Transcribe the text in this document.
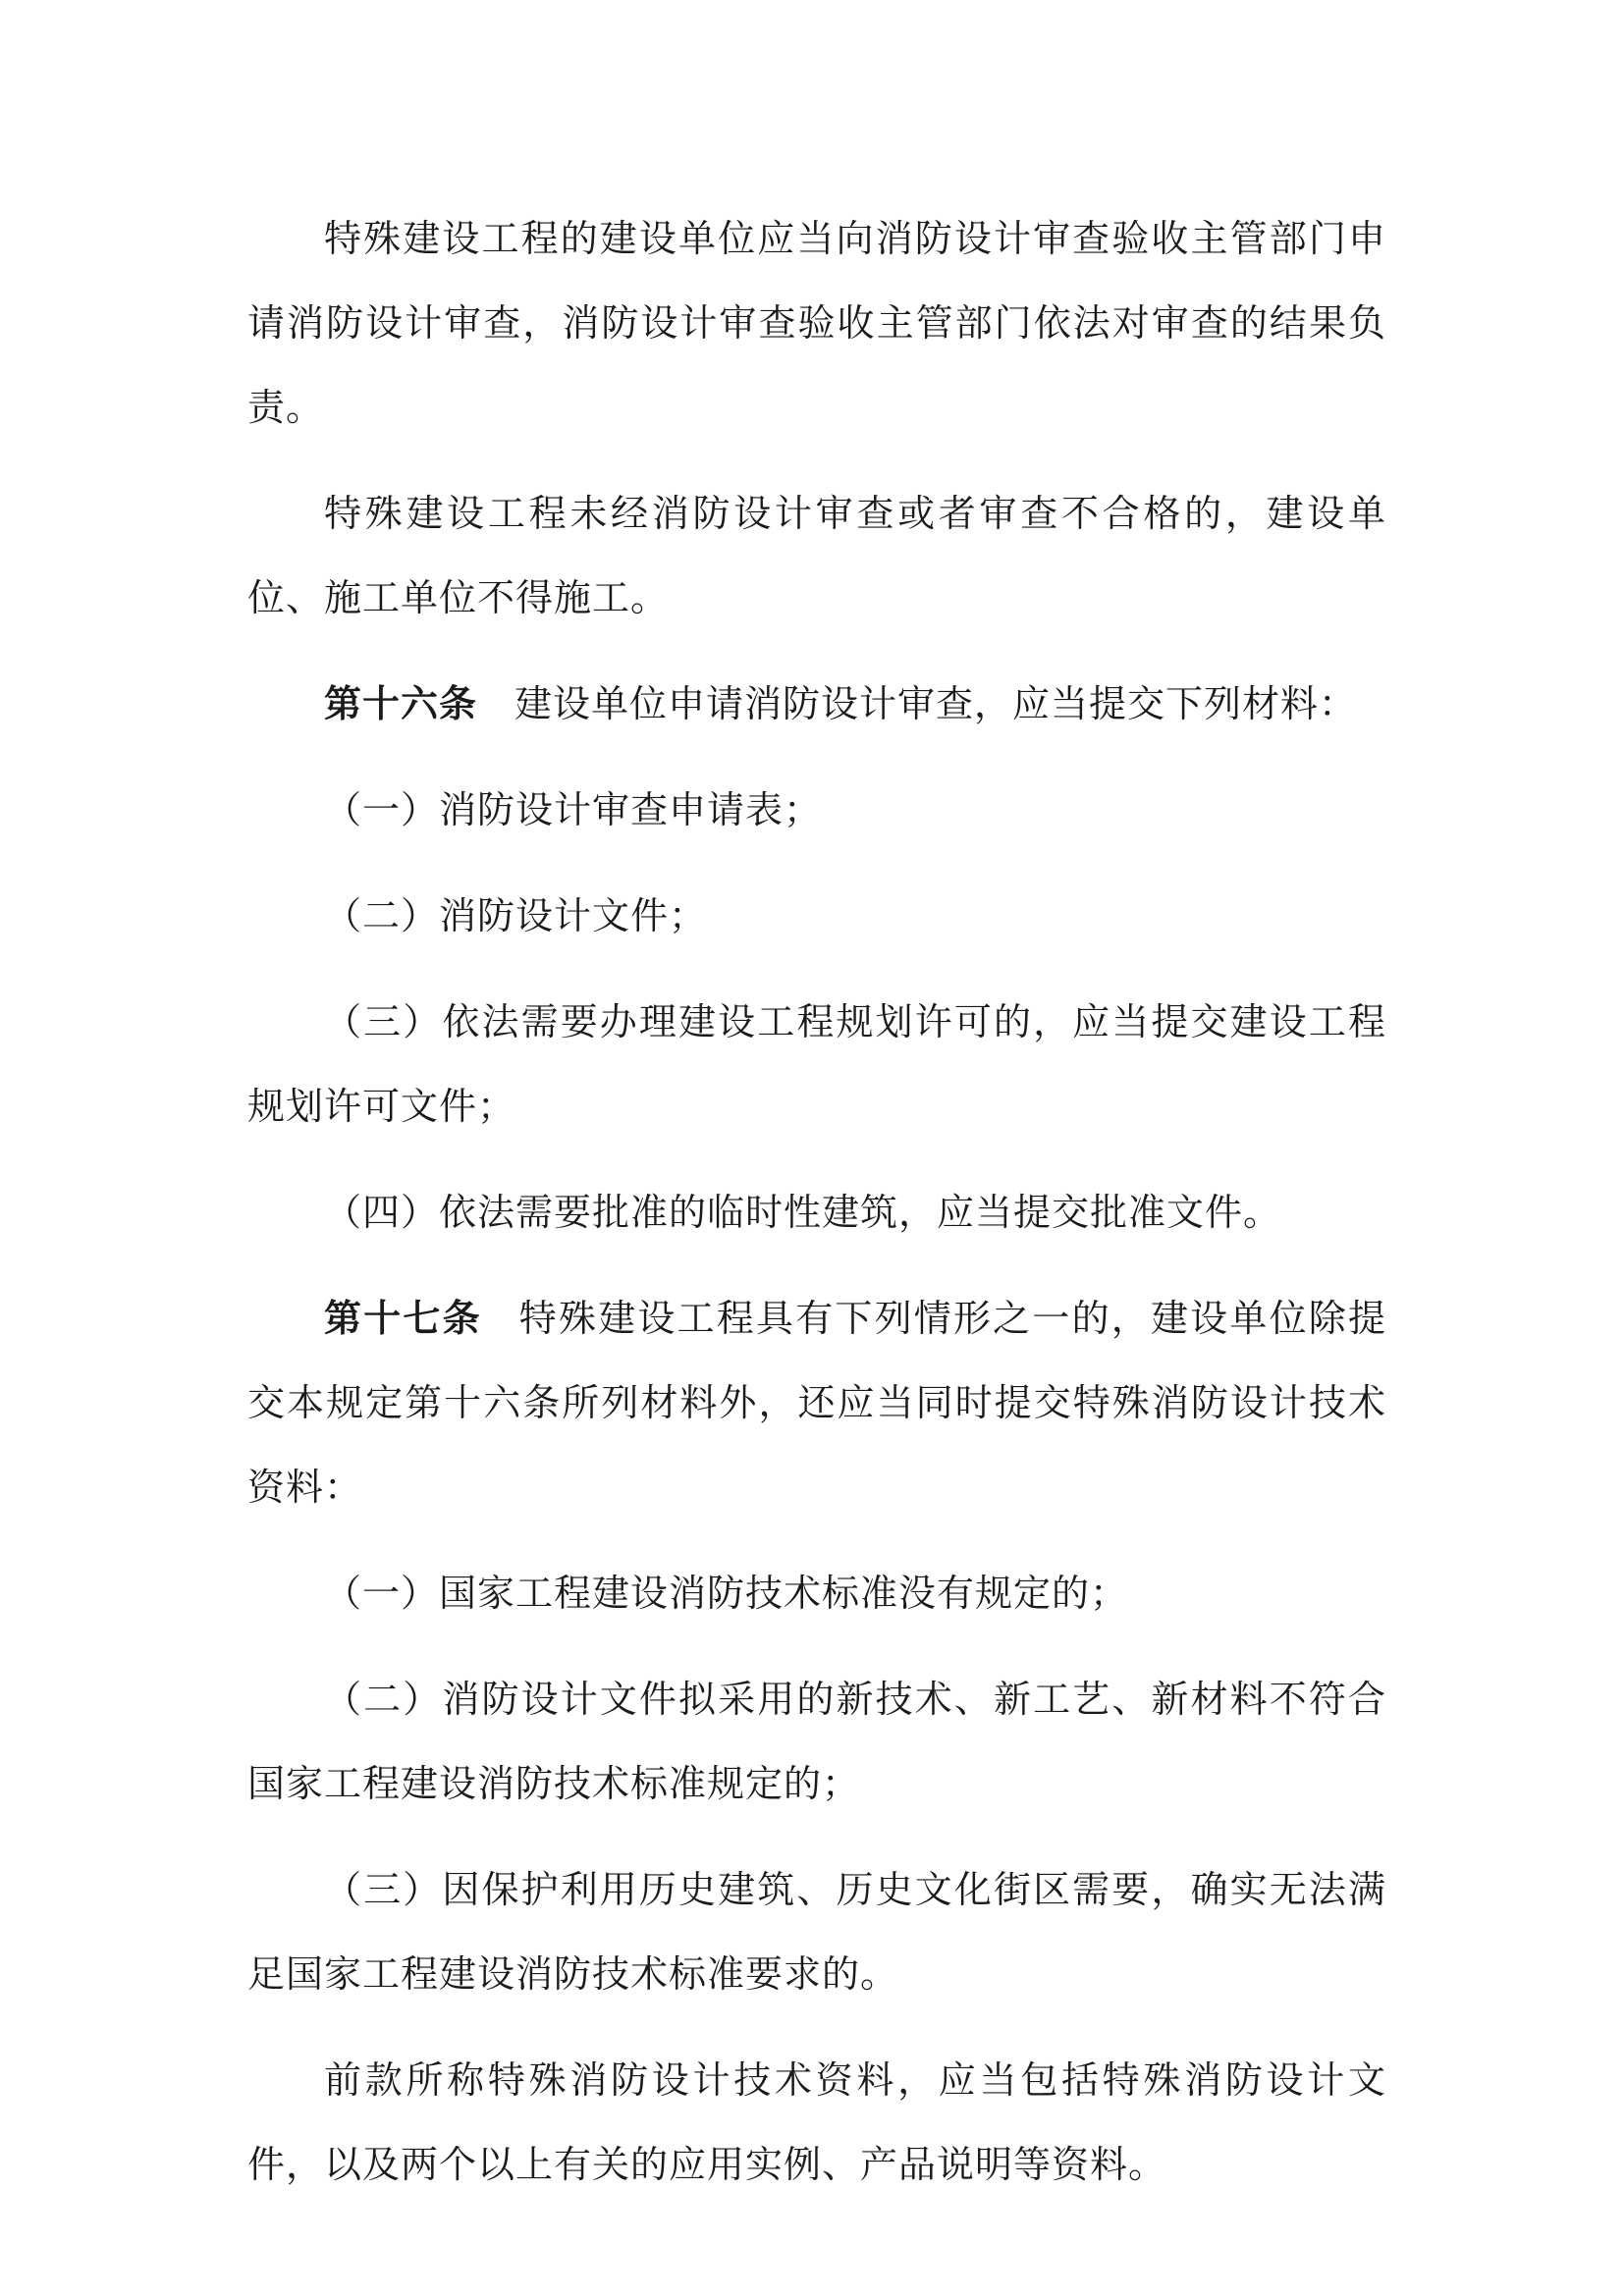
特殊建设工程的建设单位应当向消防设计审查验收主管部门申请消防设计审查，消防设计审查验收主管部门依法对审查的结果负责。

特殊建设工程未经消防设计审查或者审查不合格的，建设单位、施工单位不得施工。

第十六条 建设单位申请消防设计审查，应当提交下列材料：

（一）消防设计审查申请表；

（二）消防设计文件；

（三）依法需要办理建设工程规划许可的，应当提交建设工程规划许可文件；

（四）依法需要批准的临时性建筑，应当提交批准文件。

第十七条 特殊建设工程具有下列情形之一的，建设单位除提交本规定第十六条所列材料外，还应当同时提交特殊消防设计技术资料：

（一）国家工程建设消防技术标准没有规定的；

（二）消防设计文件拟采用的新技术、新工艺、新材料不符合国家工程建设消防技术标准规定的；

（三）因保护利用历史建筑、历史文化街区需要，确实无法满足国家工程建设消防技术标准要求的。

前款所称特殊消防设计技术资料，应当包括特殊消防设计文件，以及两个以上有关的应用实例、产品说明等资料。
